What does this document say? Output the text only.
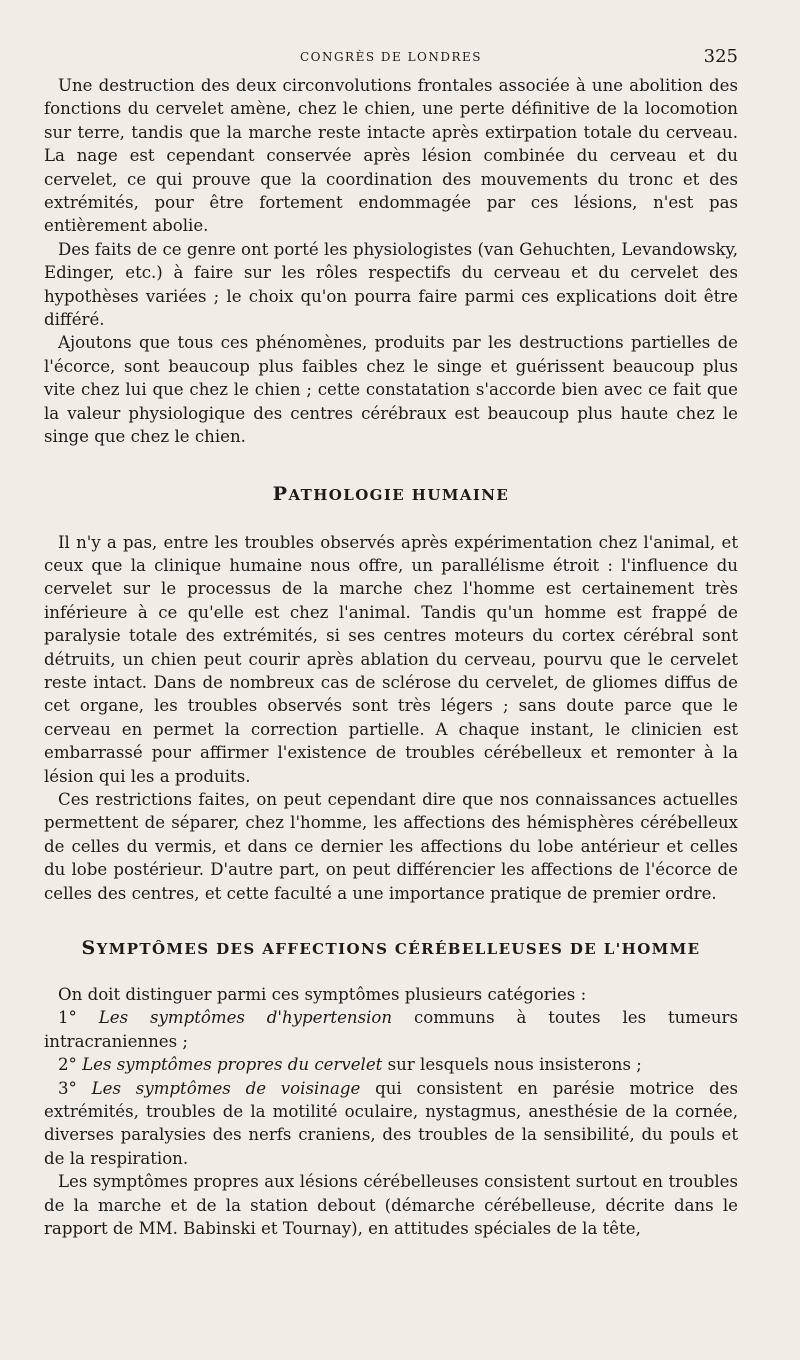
CONGRÈS DE LONDRES	325

Une destruction des deux circonvolutions frontales associée à une abolition des fonctions du cervelet amène, chez le chien, une perte définitive de la locomotion sur terre, tandis que la marche reste intacte après extirpation totale du cerveau. La nage est cependant conservée après lésion combinée du cerveau et du cervelet, ce qui prouve que la coordination des mouvements du tronc et des extrémités, pour être fortement endommagée par ces lésions, n'est pas entièrement abolie.

Des faits de ce genre ont porté les physiologistes (van Gehuchten, Levandowsky, Edinger, etc.) à faire sur les rôles respectifs du cerveau et du cervelet des hypothèses variées ; le choix qu'on pourra faire parmi ces explications doit être différé.

Ajoutons que tous ces phénomènes, produits par les destructions partielles de l'écorce, sont beaucoup plus faibles chez le singe et guérissent beaucoup plus vite chez lui que chez le chien ; cette constatation s'accorde bien avec ce fait que la valeur physiologique des centres cérébraux est beaucoup plus haute chez le singe que chez le chien.

PATHOLOGIE HUMAINE

Il n'y a pas, entre les troubles observés après expérimentation chez l'animal, et ceux que la clinique humaine nous offre, un parallélisme étroit : l'influence du cervelet sur le processus de la marche chez l'homme est certainement très inférieure à ce qu'elle est chez l'animal. Tandis qu'un homme est frappé de paralysie totale des extrémités, si ses centres moteurs du cortex cérébral sont détruits, un chien peut courir après ablation du cerveau, pourvu que le cervelet reste intact. Dans de nombreux cas de sclérose du cervelet, de gliomes diffus de cet organe, les troubles observés sont très légers ; sans doute parce que le cerveau en permet la correction partielle. A chaque instant, le clinicien est embarrassé pour affirmer l'existence de troubles cérébelleux et remonter à la lésion qui les a produits.

Ces restrictions faites, on peut cependant dire que nos connaissances actuelles permettent de séparer, chez l'homme, les affections des hémisphères cérébelleux de celles du vermis, et dans ce dernier les affections du lobe antérieur et celles du lobe postérieur. D'autre part, on peut différencier les affections de l'écorce de celles des centres, et cette faculté a une importance pratique de premier ordre.

SYMPTÔMES DES AFFECTIONS CÉRÉBELLEUSES DE L'HOMME

On doit distinguer parmi ces symptômes plusieurs catégories :

1° Les symptômes d'hypertension communs à toutes les tumeurs intracraniennes ;

2° Les symptômes propres du cervelet sur lesquels nous insisterons ;

3° Les symptômes de voisinage qui consistent en parésie motrice des extrémités, troubles de la motilité oculaire, nystagmus, anesthésie de la cornée, diverses paralysies des nerfs craniens, des troubles de la sensibilité, du pouls et de la respiration.

Les symptômes propres aux lésions cérébelleuses consistent surtout en troubles de la marche et de la station debout (démarche cérébelleuse, décrite dans le rapport de MM. Babinski et Tournay), en attitudes spéciales de la tête,
